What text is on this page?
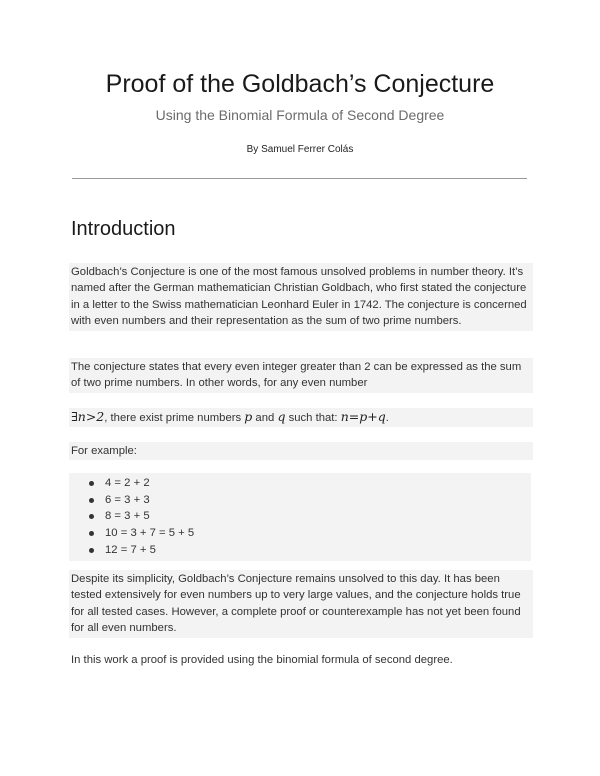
Proof of the Goldbach’s Conjecture

Using the Binomial Formula of Second Degree

By Samuel Ferrer Colás

Introduction
Goldbach’s Conjecture is one of the most famous unsolved problems in number theory. It’s named after the German mathematician Christian Goldbach, who first stated the conjecture in a letter to the Swiss mathematician Leonhard Euler in 1742. The conjecture is concerned with even numbers and their representation as the sum of two prime numbers.
The conjecture states that every even integer greater than 2 can be expressed as the sum of two prime numbers. In other words, for any even number
∃n>2, there exist prime numbers p and q such that: n=p+q.
For example:
4 = 2 + 2
6 = 3 + 3
8 = 3 + 5
10 = 3 + 7 = 5 + 5
12 = 7 + 5
Despite its simplicity, Goldbach’s Conjecture remains unsolved to this day. It has been tested extensively for even numbers up to very large values, and the conjecture holds true for all tested cases. However, a complete proof or counterexample has not yet been found for all even numbers.
In this work a proof is provided using the binomial formula of second degree.
